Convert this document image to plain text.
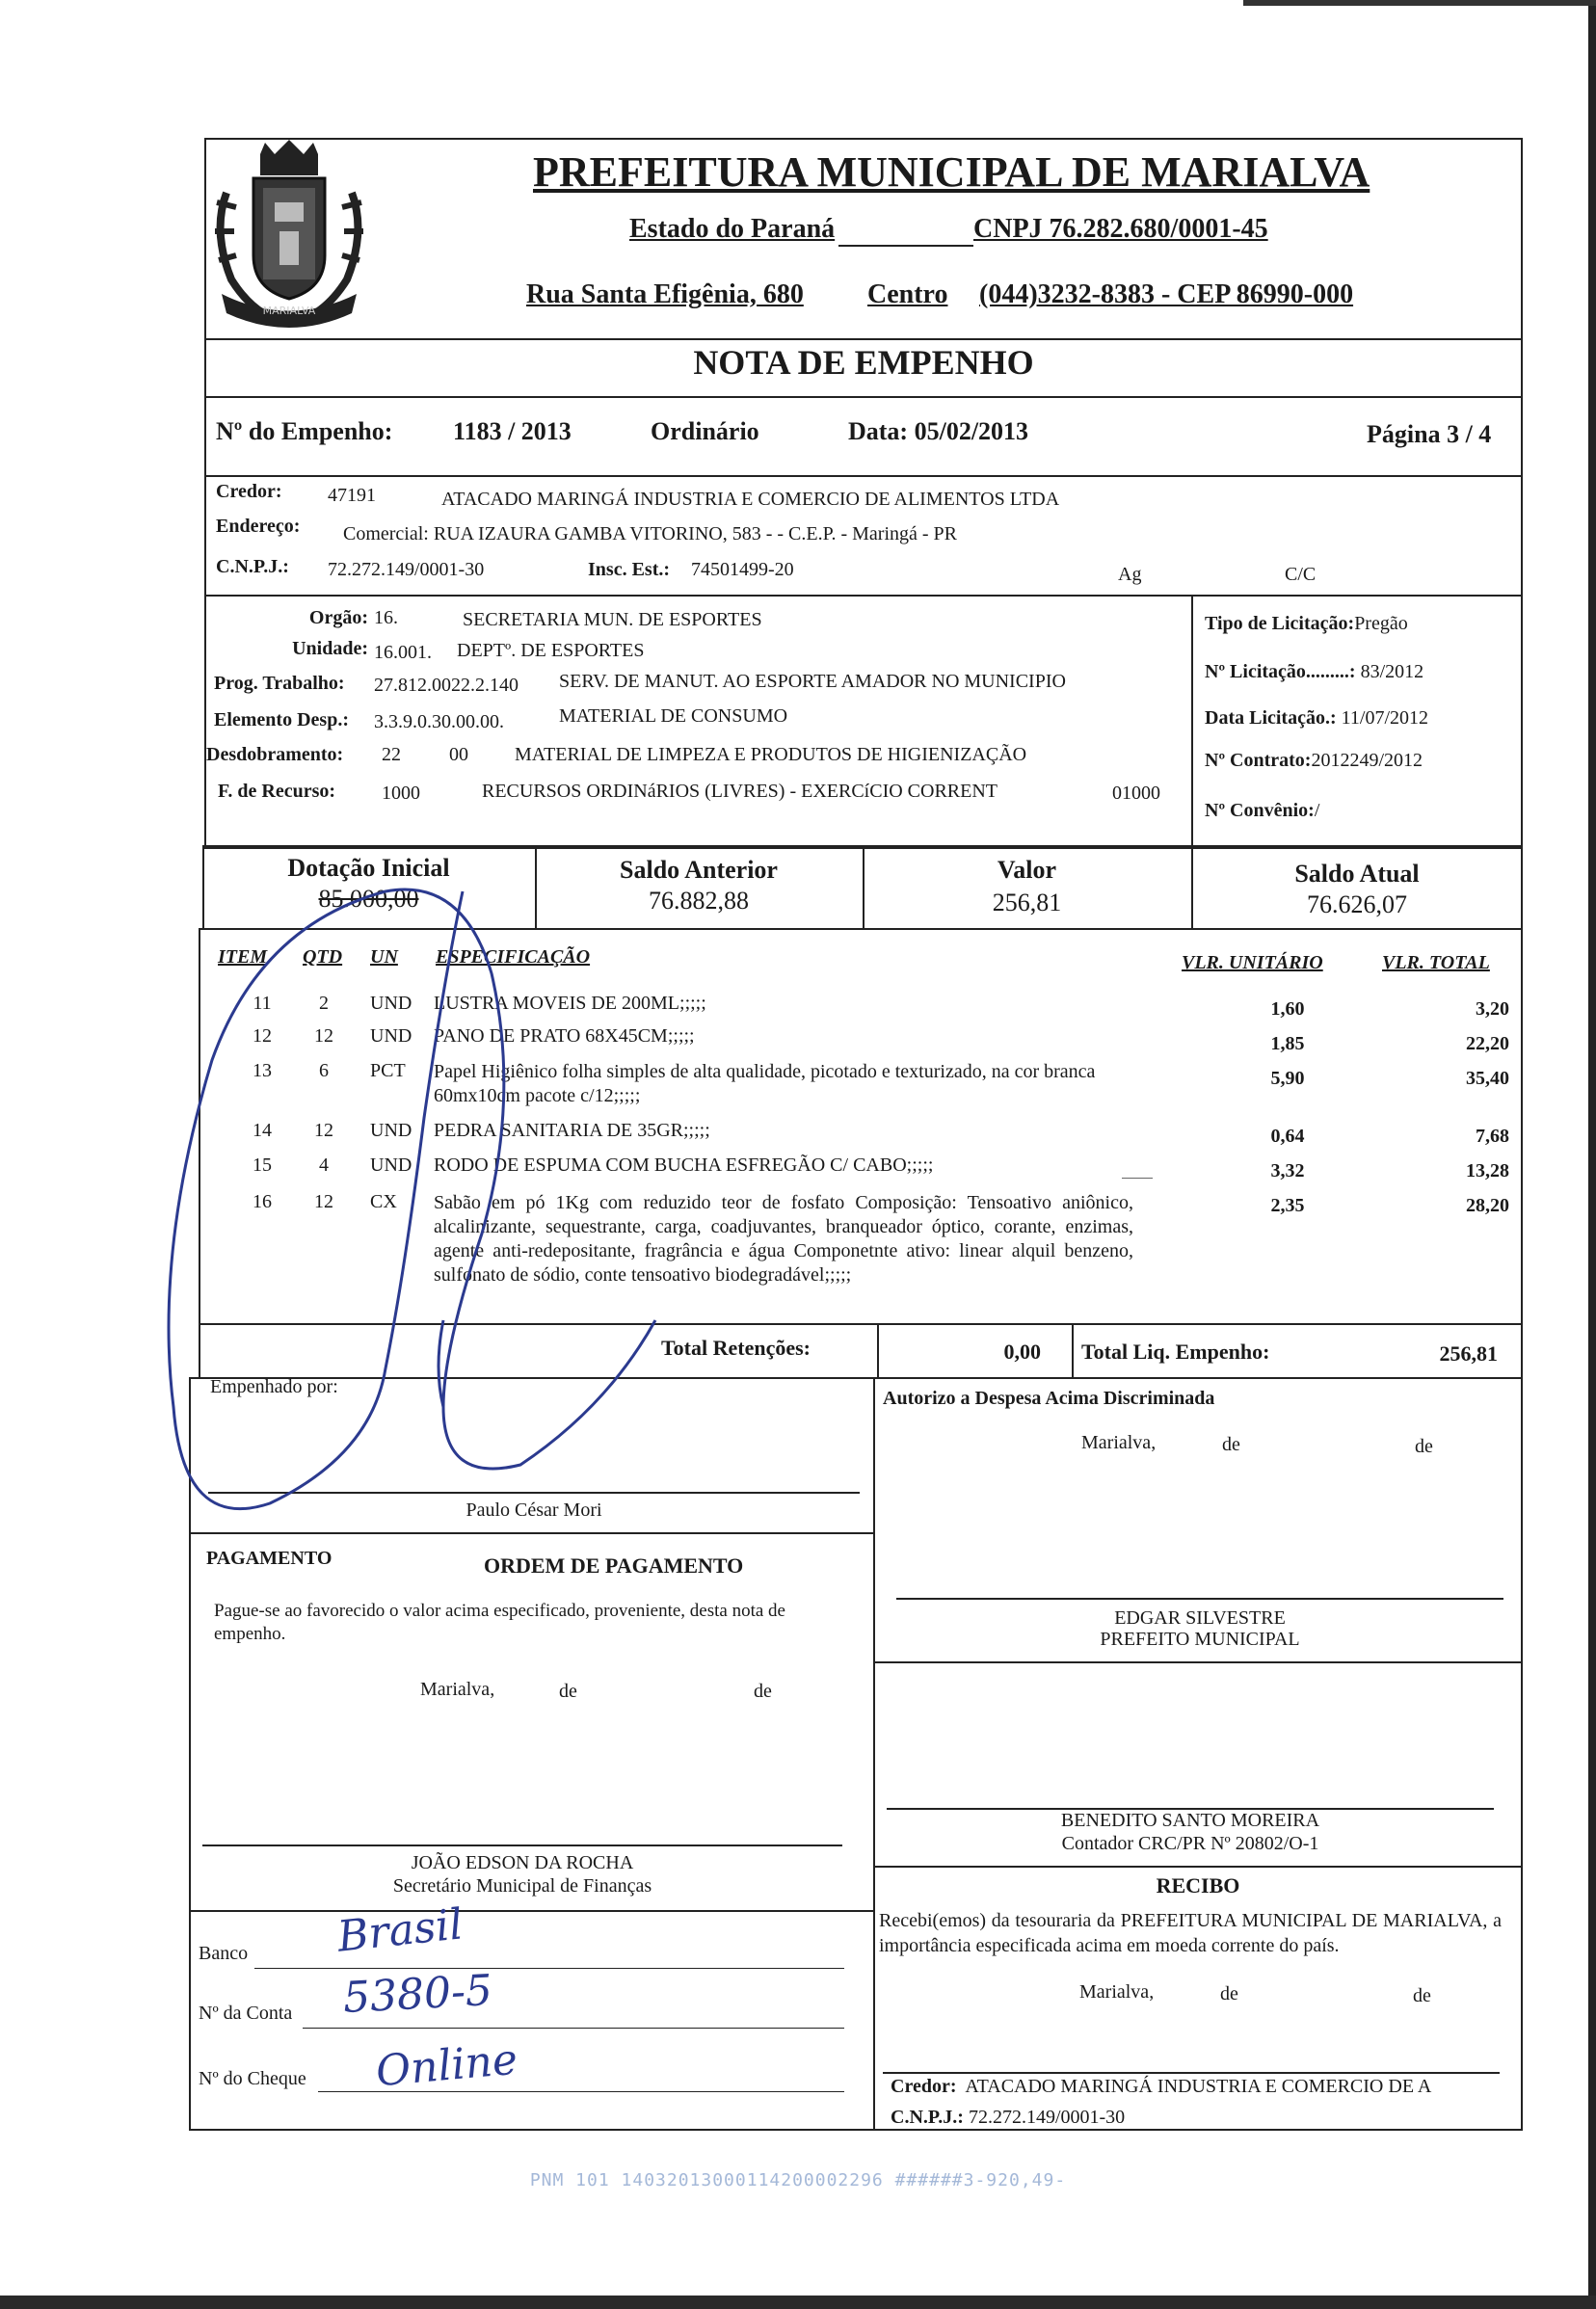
MARIALVA
PREFEITURA MUNICIPAL DE MARIALVA
Estado do Paraná	CNPJ 76.282.680/0001-45
Rua Santa Efigênia, 680 Centro (044)3232-8383 - CEP 86990-000
NOTA DE EMPENHO
Nº do Empenho: 1183 / 2013	Ordinário	Data: 05/02/2013	Página 3 / 4
Credor: 47191	ATACADO MARINGÁ INDUSTRIA E COMERCIO DE ALIMENTOS LTDA
Endereço: Comercial: RUA IZAURA GAMBA VITORINO, 583 - - C.E.P. - Maringá - PR
C.N.P.J.: 72.272.149/0001-30	Insc. Est.: 74501499-20	Ag	C/C
Orgão: 16.	SECRETARIA MUN. DE ESPORTES
Unidade: 16.001. DEPTº. DE ESPORTES
Prog. Trabalho: 27.812.0022.2.140 SERV. DE MANUT. AO ESPORTE AMADOR NO MUNICIPIO
Elemento Desp.: 3.3.9.0.30.00.00.	MATERIAL DE CONSUMO
Desdobramento: 22	00 MATERIAL DE LIMPEZA E PRODUTOS DE HIGIENIZAÇÃO
F. de Recurso: 1000	RECURSOS ORDINáRIOS (LIVRES) - EXERCíCIO CORRENT	01000
Tipo de Licitação:Pregão
Nº Licitação.........: 83/2012
Data Licitação.: 11/07/2012
Nº Contrato:2012249/2012
Nº Convênio:/
Dotação Inicial
85.000,00
Saldo Anterior
76.882,88
Valor
256,81
Saldo Atual
76.626,07
ITEM QTD UN ESPECIFICAÇÃO	VLR. UNITÁRIO	VLR. TOTAL
11	2	UND LUSTRA MOVEIS DE 200ML;;;;;	1,60	3,20
12	12	UND PANO DE PRATO 68X45CM;;;;;	1,85	22,20
13	6	PCT Papel Higiênico folha simples de alta qualidade, picotado e texturizado, na cor branca 60mx10cm pacote c/12;;;;;
5,90	35,40
14	12	UND PEDRA SANITARIA DE 35GR;;;;;	0,64	7,68
15	4	UND RODO DE ESPUMA COM BUCHA ESFREGÃO C/ CABO;;;;;	3,32	13,28
16	12	CX Sabão em pó 1Kg com reduzido teor de fosfato Composição: Tensoativo aniônico, alcalinizante, sequestrante, carga, coadjuvantes, branqueador óptico, corante, enzimas, agente anti-redepositante, fragrância e água Componetnte ativo: linear alquil benzeno, sulfonato de sódio, conte tensoativo biodegradável;;;;;
2,35	28,20
Total Retenções:	0,00 Total Liq. Empenho:	256,81
Empenhado por:
Paulo César Mori
Autorizo a Despesa Acima Discriminada
Marialva,	de	de
EDGAR SILVESTRE
PREFEITO MUNICIPAL
PAGAMENTO	ORDEM DE PAGAMENTO
Pague-se ao favorecido o valor acima especificado, proveniente, desta nota de empenho.
Marialva,	de	de
JOÃO EDSON DA ROCHA
Secretário Municipal de Finanças
BENEDITO SANTO MOREIRA
Contador CRC/PR Nº 20802/O-1
RECIBO
Recebi(emos) da tesouraria da PREFEITURA MUNICIPAL DE MARIALVA, a importância especificada acima em moeda corrente do país.
Marialva,	de	de
Credor: ATACADO MARINGÁ INDUSTRIA E COMERCIO DE A
C.N.P.J.: 72.272.149/0001-30
Banco Brasil
Nº da Conta 5380-5
Nº do Cheque Online
PNM 101 14032013000114200002296 ######3-920,49-
